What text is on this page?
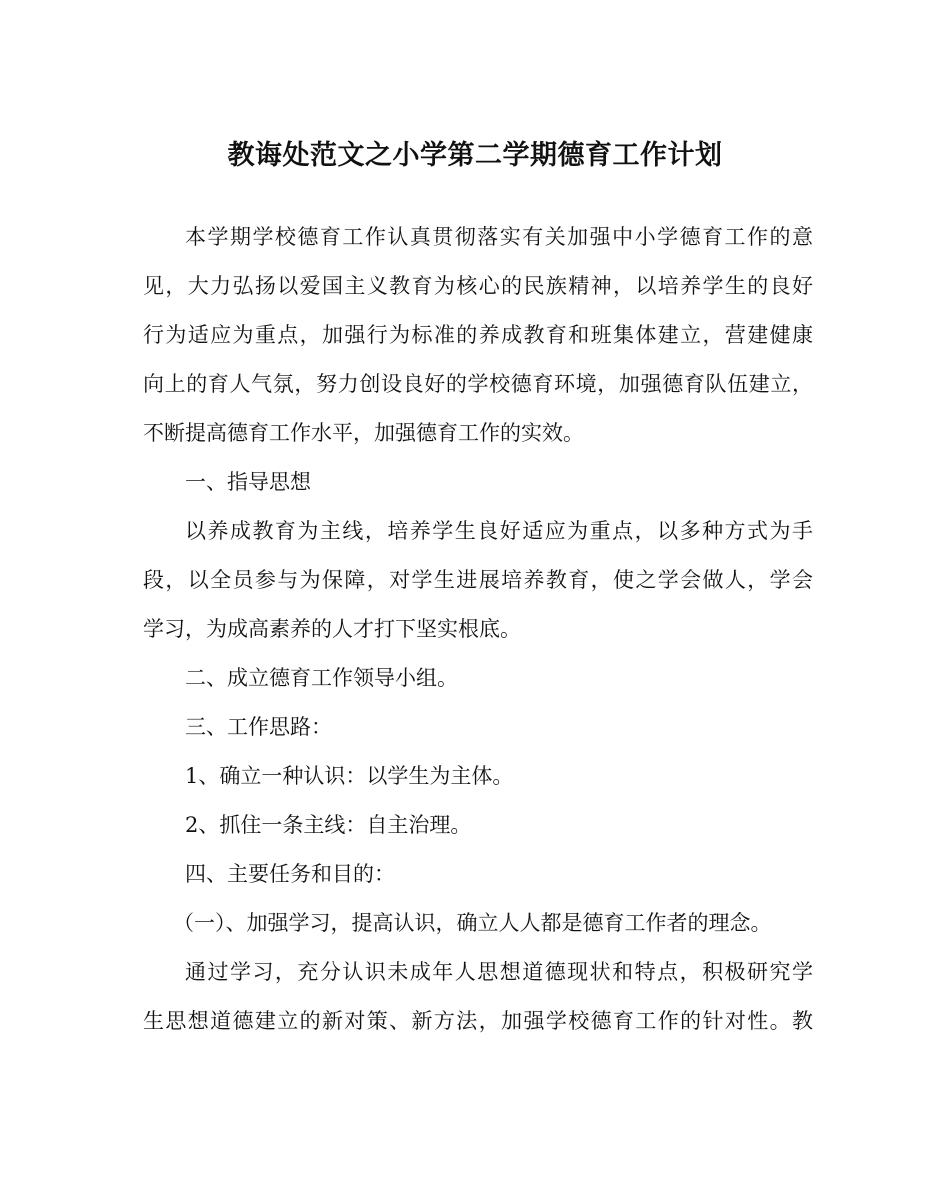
教诲处范文之小学第二学期德育工作计划
本学期学校德育工作认真贯彻落实有关加强中小学德育工作的意
见，大力弘扬以爱国主义教育为核心的民族精神，以培养学生的良好
行为适应为重点，加强行为标准的养成教育和班集体建立，营建健康
向上的育人气氛，努力创设良好的学校德育环境，加强德育队伍建立，
不断提高德育工作水平，加强德育工作的实效。
一、指导思想
以养成教育为主线，培养学生良好适应为重点，以多种方式为手
段，以全员参与为保障，对学生进展培养教育，使之学会做人，学会
学习，为成高素养的人才打下坚实根底。
二、成立德育工作领导小组。
三、工作思路：
1、确立一种认识：以学生为主体。
2、抓住一条主线：自主治理。
四、主要任务和目的：
（一）、加强学习，提高认识，确立人人都是德育工作者的理念。
通过学习，充分认识未成年人思想道德现状和特点，积极研究学
生思想道德建立的新对策、新方法，加强学校德育工作的针对性。教
